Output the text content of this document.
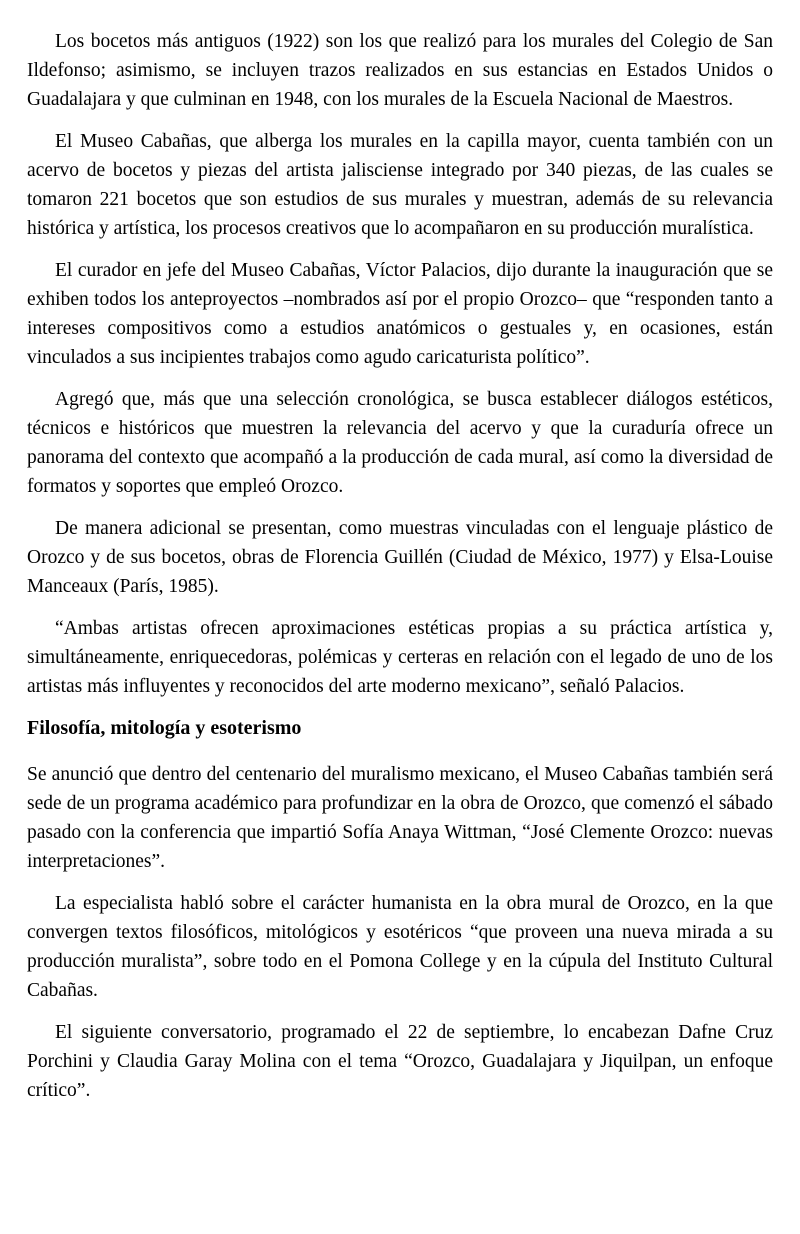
Los bocetos más antiguos (1922) son los que realizó para los murales del Colegio de San Ildefonso; asimismo, se incluyen trazos realizados en sus estancias en Estados Unidos o Guadalajara y que culminan en 1948, con los murales de la Escuela Nacional de Maestros.

El Museo Cabañas, que alberga los murales en la capilla mayor, cuenta también con un acervo de bocetos y piezas del artista jalisciense integrado por 340 piezas, de las cuales se tomaron 221 bocetos que son estudios de sus murales y muestran, además de su relevancia histórica y artística, los procesos creativos que lo acompañaron en su producción muralística.

El curador en jefe del Museo Cabañas, Víctor Palacios, dijo durante la inauguración que se exhiben todos los anteproyectos –nombrados así por el propio Orozco– que “responden tanto a intereses compositivos como a estudios anatómicos o gestuales y, en ocasiones, están vinculados a sus incipientes trabajos como agudo caricaturista político”.

Agregó que, más que una selección cronológica, se busca establecer diálogos estéticos, técnicos e históricos que muestren la relevancia del acervo y que la curaduría ofrece un panorama del contexto que acompañó a la producción de cada mural, así como la diversidad de formatos y soportes que empleó Orozco.

De manera adicional se presentan, como muestras vinculadas con el lenguaje plástico de Orozco y de sus bocetos, obras de Florencia Guillén (Ciudad de México, 1977) y Elsa-Louise Manceaux (París, 1985).

“Ambas artistas ofrecen aproximaciones estéticas propias a su práctica artística y, simultáneamente, enriquecedoras, polémicas y certeras en relación con el legado de uno de los artistas más influyentes y reconocidos del arte moderno mexicano”, señaló Palacios.

Filosofía, mitología y esoterismo

Se anunció que dentro del centenario del muralismo mexicano, el Museo Cabañas también será sede de un programa académico para profundizar en la obra de Orozco, que comenzó el sábado pasado con la conferencia que impartió Sofía Anaya Wittman, “José Clemente Orozco: nuevas interpretaciones”.

La especialista habló sobre el carácter humanista en la obra mural de Orozco, en la que convergen textos filosóficos, mitológicos y esotéricos “que proveen una nueva mirada a su producción muralista”, sobre todo en el Pomona College y en la cúpula del Instituto Cultural Cabañas.

El siguiente conversatorio, programado el 22 de septiembre, lo encabezan Dafne Cruz Porchini y Claudia Garay Molina con el tema “Orozco, Guadalajara y Jiquilpan, un enfoque crítico”.
